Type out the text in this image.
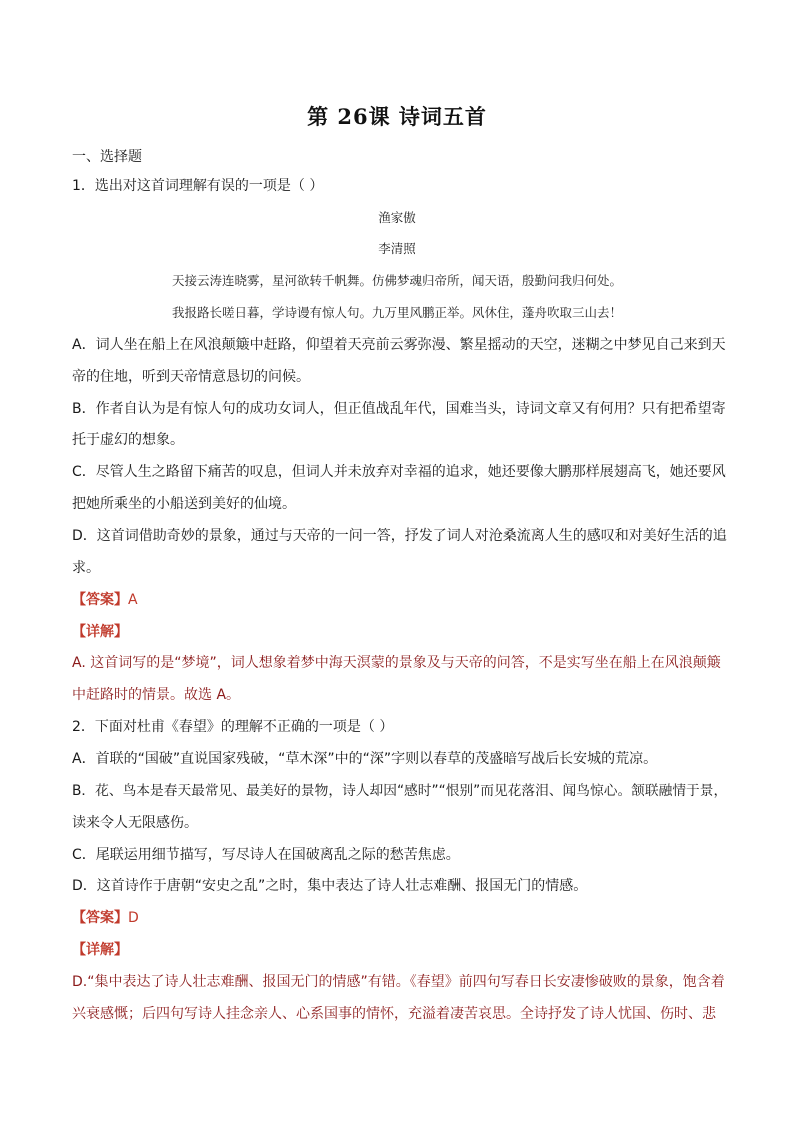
第 26课 诗词五首
一、选择题
1．选出对这首词理解有误的一项是（ ）
渔家傲
李清照
天接云涛连晓雾，星河欲转千帆舞。仿佛梦魂归帝所，闻天语，殷勤问我归何处。
我报路长嗟日暮，学诗谩有惊人句。九万里风鹏正举。风休住，蓬舟吹取三山去！
A．词人坐在船上在风浪颠簸中赶路，仰望着天亮前云雾弥漫、繁星摇动的天空，迷糊之中梦见自己来到天
帝的住地，听到天帝情意恳切的问候。
B．作者自认为是有惊人句的成功女词人，但正值战乱年代，国难当头，诗词文章又有何用？只有把希望寄
托于虚幻的想象。
C．尽管人生之路留下痛苦的叹息，但词人并未放弃对幸福的追求，她还要像大鹏那样展翅高飞，她还要风
把她所乘坐的小船送到美好的仙境。
D．这首词借助奇妙的景象，通过与天帝的一问一答，抒发了词人对沧桑流离人生的感叹和对美好生活的追
求。
【答案】A
【详解】
A. 这首词写的是“梦境”，词人想象着梦中海天溟蒙的景象及与天帝的问答，不是实写坐在船上在风浪颠簸
中赶路时的情景。故选 A。
2．下面对杜甫《春望》的理解不正确的一项是（ ）
A．首联的“国破”直说国家残破，“草木深”中的“深”字则以春草的茂盛暗写战后长安城的荒凉。
B．花、鸟本是春天最常见、最美好的景物，诗人却因“感时”“恨别”而见花落泪、闻鸟惊心。颔联融情于景，
读来令人无限感伤。
C．尾联运用细节描写，写尽诗人在国破离乱之际的愁苦焦虑。
D．这首诗作于唐朝“安史之乱”之时，集中表达了诗人壮志难酬、报国无门的情感。
【答案】D
【详解】
D.“集中表达了诗人壮志难酬、报国无门的情感”有错。《春望》前四句写春日长安凄惨破败的景象，饱含着
兴衰感慨；后四句写诗人挂念亲人、心系国事的情怀，充溢着凄苦哀思。全诗抒发了诗人忧国、伤时、悲
